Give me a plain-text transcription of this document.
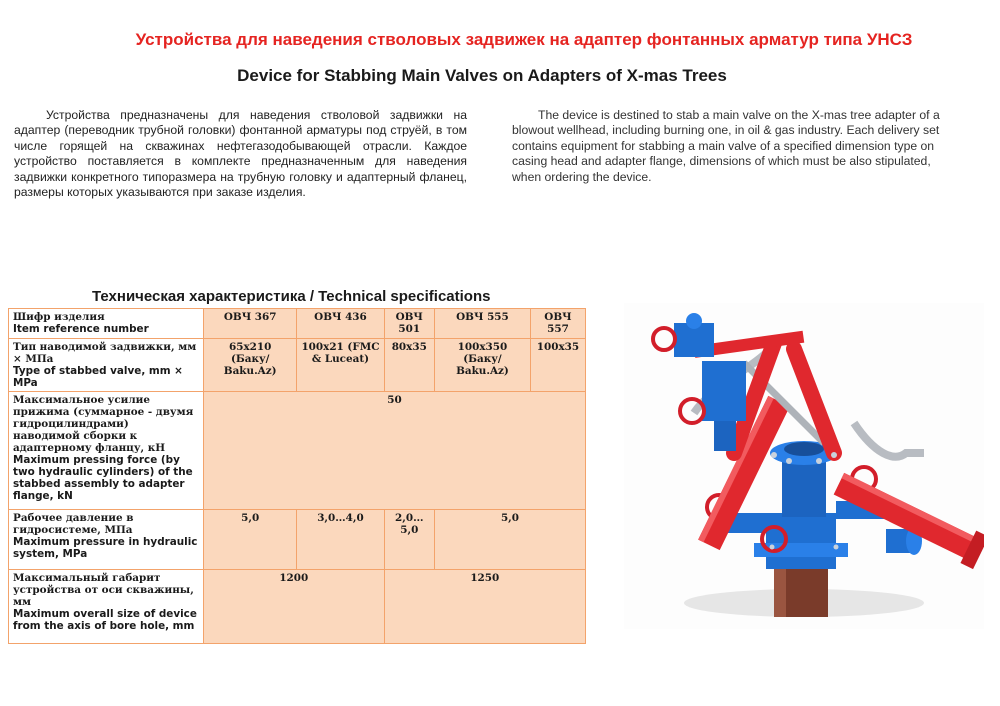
Устройства для наведения стволовых задвижек на адаптер фонтанных арматур типа УНСЗ
Device for Stabbing Main Valves on Adapters of X-mas Trees

Устройства предназначены для наведения стволовой задвижки на адаптер (переводник трубной головки) фонтанной арматуры под струёй, в том числе горящей на скважинах нефтегазодобывающей отрасли. Каждое устройство поставляется в комплекте предназначенным для наведения задвижки конкретного типоразмера на трубную головку и адаптерный фланец, размеры которых указываются при заказе изделия.

The device is destined to stab a main valve on the X-mas tree adapter of a blowout wellhead, including burning one, in oil & gas industry. Each delivery set contains equipment for stabbing a main valve of a specified dimension type on casing head and adapter flange, dimensions of which must be also stipulated, when ordering the device.

Техническая характеристика / Technical specifications
Шифр изделия
Item reference number	ОВЧ 367	ОВЧ 436	ОВЧ 501	ОВЧ 555	ОВЧ 557

Тип наводимой задвижки, мм × МПа
Type of stabbed valve, mm × MPa	65x210 (Баку/ Baku.Az)	100x21 (FMC & Luceat)	80x35	100x350 (Баку/ Baku.Az)	100x35

Максимальное усилие прижима (суммарное - двумя гидроцилиндрами) наводимой сборки к адаптерному фланцу, кН
Maximum pressing force (by two hydraulic cylinders) of the stabbed assembly to adapter flange, kN	50				

Рабочее давление в гидросистеме, МПа
Maximum pressure in hydraulic system, MPa	5,0	3,0…4,0	2,0…5,0	5,0	

Максимальный габарит устройства от оси скважины, мм
Maximum overall size of device from the axis of bore hole, mm	1200		1250		
